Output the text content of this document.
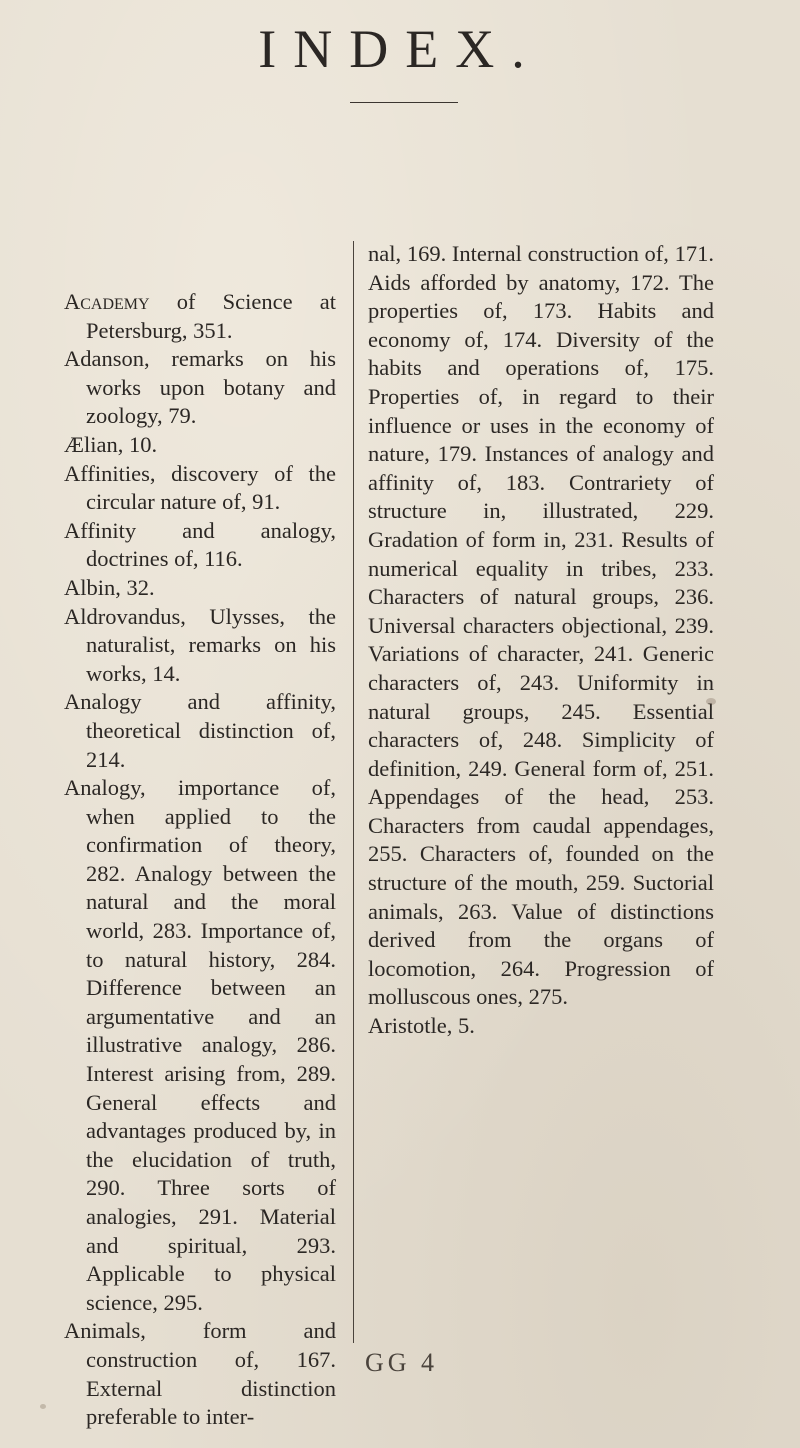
INDEX.

Academy of Science at Petersburg, 351.

Adanson, remarks on his works upon botany and zoology, 79.

Ælian, 10.

Affinities, discovery of the circular nature of, 91.

Affinity and analogy, doctrines of, 116.

Albin, 32.

Aldrovandus, Ulysses, the naturalist, remarks on his works, 14.

Analogy and affinity, theoretical distinction of, 214.

Analogy, importance of, when applied to the confirmation of theory, 282. Analogy between the natural and the moral world, 283. Importance of, to natural history, 284. Difference between an argumentative and an illustrative analogy, 286. Interest arising from, 289. General effects and advantages produced by, in the elucidation of truth, 290. Three sorts of analogies, 291. Material and spiritual, 293. Applicable to physical science, 295.

Animals, form and construction of, 167. External distinction preferable to inter-

nal, 169. Internal construction of, 171. Aids afforded by anatomy, 172. The properties of, 173. Habits and economy of, 174. Diversity of the habits and operations of, 175. Properties of, in regard to their influence or uses in the economy of nature, 179. Instances of analogy and affinity of, 183. Contrariety of structure in, illustrated, 229. Gradation of form in, 231. Results of numerical equality in tribes, 233. Characters of natural groups, 236. Universal characters objectional, 239. Variations of character, 241. Generic characters of, 243. Uniformity in natural groups, 245. Essential characters of, 248. Simplicity of definition, 249. General form of, 251. Appendages of the head, 253. Characters from caudal appendages, 255. Characters of, founded on the structure of the mouth, 259. Suctorial animals, 263. Value of distinctions derived from the organs of locomotion, 264. Progression of molluscous ones, 275.

Aristotle, 5.

GG 4
